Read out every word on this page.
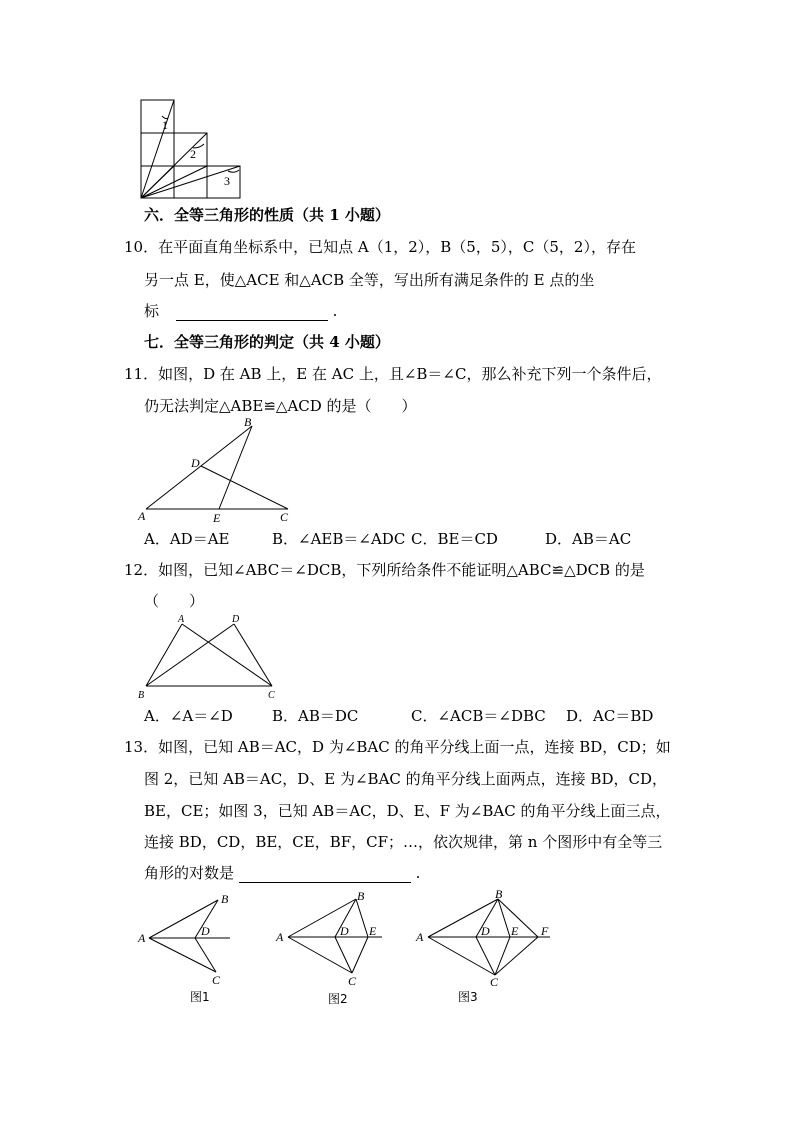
1
2
3
六．全等三角形的性质（共 1 小题）
10．在平面直角坐标系中，已知点 A（1，2），B（5，5），C（5，2），存在
另一点 E，使△ACE 和△ACB 全等，写出所有满足条件的 E 点的坐
标	.
七．全等三角形的判定（共 4 小题）
11．如图，D 在 AB 上，E 在 AC 上，且∠B＝∠C，那么补充下列一个条件后，
仍无法判定△ABE≌△ACD 的是（　　）
B
D
A	E	C
A．AD＝AE	B．∠AEB＝∠ADC C．BE＝CD	D．AB＝AC
12．如图，已知∠ABC＝∠DCB，下列所给条件不能证明△ABC≌△DCB 的是
（　　）
A	D
B	C
A．∠A＝∠D	B．AB＝DC	C．∠ACB＝∠DBC D．AC＝BD
13．如图，已知 AB＝AC，D 为∠BAC 的角平分线上面一点，连接 BD，CD；如
图 2，已知 AB＝AC，D、E 为∠BAC 的角平分线上面两点，连接 BD，CD，
BE，CE；如图 3，已知 AB＝AC，D、E、F 为∠BAC 的角平分线上面三点，
连接 BD，CD，BE，CE，BF，CF；…，依次规律，第 n 个图形中有全等三
角形的对数是	.
B
A	D
C
图1
B
A	D E
C
图2
B
A	D E F
C
图3
